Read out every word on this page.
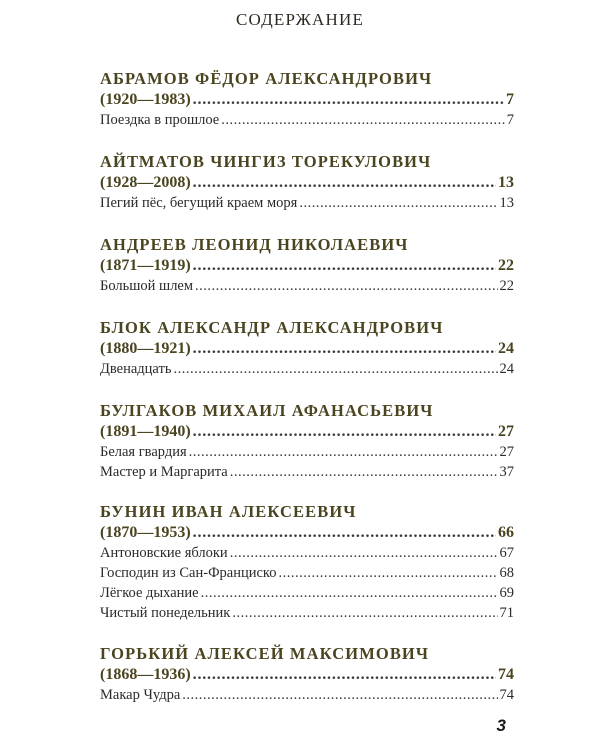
СОДЕРЖАНИЕ
АБРАМОВ ФЁДОР АЛЕКСАНДРОВИЧ
(1920—1983) .....	7
Поездка в прошлое .....	7
АЙТМАТОВ ЧИНГИЗ ТОРЕКУЛОВИЧ
(1928—2008) .....	13
Пегий пёс, бегущий краем моря .....	13
АНДРЕЕВ ЛЕОНИД НИКОЛАЕВИЧ
(1871—1919) .....	22
Большой шлем .....	22
БЛОК АЛЕКСАНДР АЛЕКСАНДРОВИЧ
(1880—1921) .....	24
Двенадцать .....	24
БУЛГАКОВ МИХАИЛ АФАНАСЬЕВИЧ
(1891—1940) .....	27
Белая гвардия .....	27
Мастер и Маргарита .....	37
БУНИН ИВАН АЛЕКСЕЕВИЧ
(1870—1953) .....	66
Антоновские яблоки .....	67
Господин из Сан-Франциско .....	68
Лёгкое дыхание .....	69
Чистый понедельник .....	71
ГОРЬКИЙ АЛЕКСЕЙ МАКСИМОВИЧ
(1868—1936) .....	74
Макар Чудра .....	74
3
